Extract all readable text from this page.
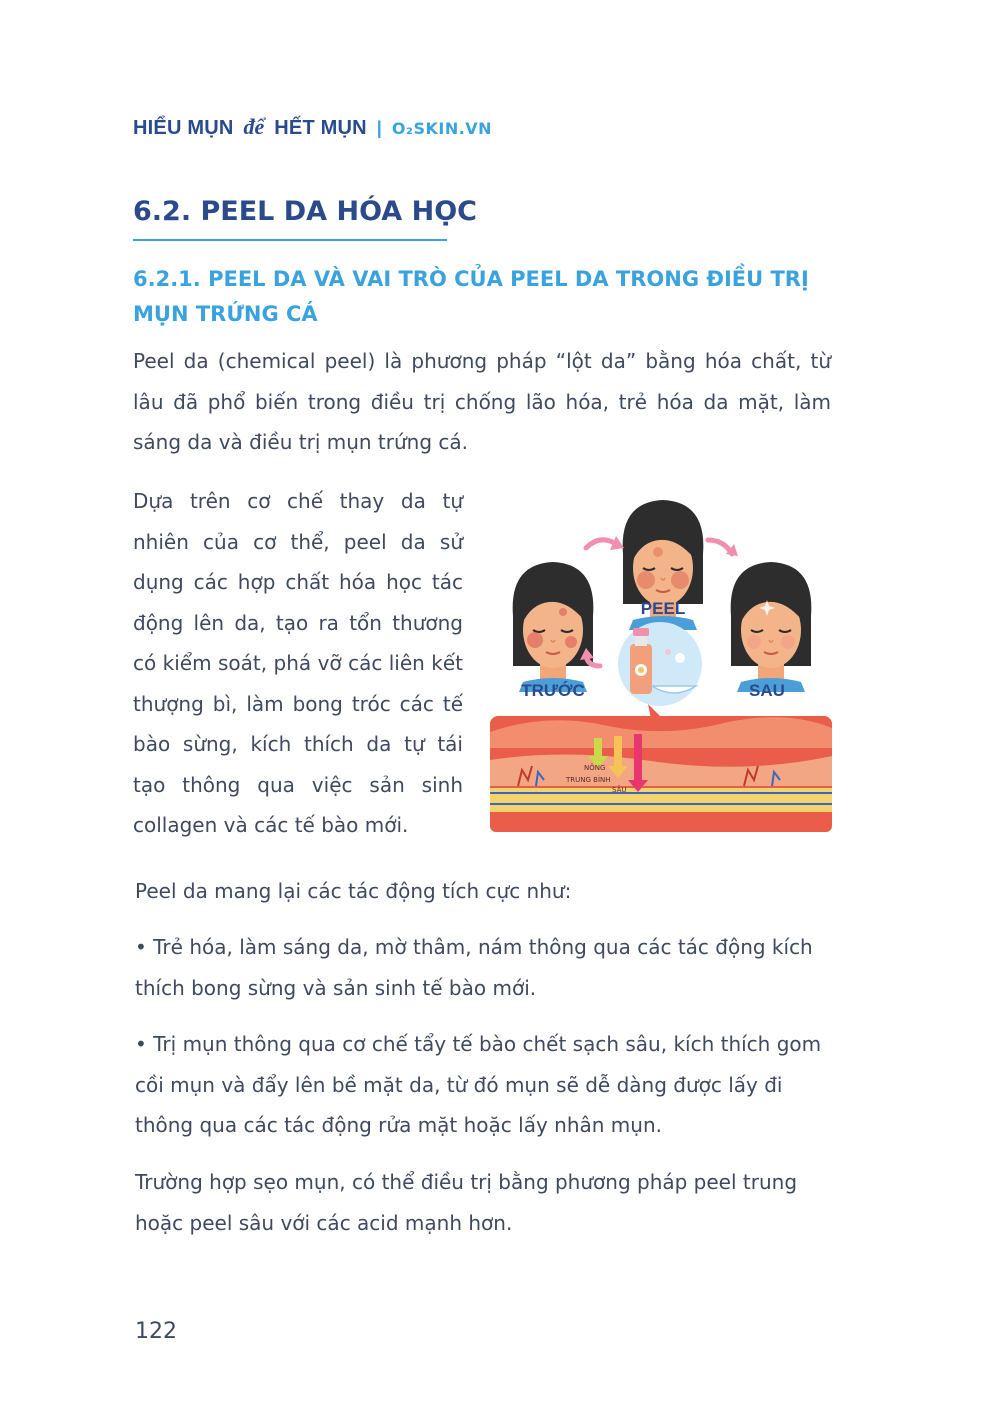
HIỂU MỤN để HẾT MỤN | O₂SKIN.VN
6.2. PEEL DA HÓA HỌC
6.2.1. PEEL DA VÀ VAI TRÒ CỦA PEEL DA TRONG ĐIỀU TRỊ MỤN TRỨNG CÁ

Peel da (chemical peel) là phương pháp “lột da” bằng hóa chất, từ lâu đã phổ biến trong điều trị chống lão hóa, trẻ hóa da mặt, làm sáng da và điều trị mụn trứng cá.

Dựa trên cơ chế thay da tự nhiên của cơ thể, peel da sử dụng các hợp chất hóa học tác động lên da, tạo ra tổn thương có kiểm soát, phá vỡ các liên kết thượng bì, làm bong tróc các tế bào sừng, kích thích da tự tái tạo thông qua việc sản sinh collagen và các tế bào mới.

PEEL
TRƯỚC	SAU
NÔNG
TRUNG BÌNH
SÂU

Peel da mang lại các tác động tích cực như:

• Trẻ hóa, làm sáng da, mờ thâm, nám thông qua các tác động kích thích bong sừng và sản sinh tế bào mới.

• Trị mụn thông qua cơ chế tẩy tế bào chết sạch sâu, kích thích gom cồi mụn và đẩy lên bề mặt da, từ đó mụn sẽ dễ dàng được lấy đi thông qua các tác động rửa mặt hoặc lấy nhân mụn.

Trường hợp sẹo mụn, có thể điều trị bằng phương pháp peel trung hoặc peel sâu với các acid mạnh hơn.

122
